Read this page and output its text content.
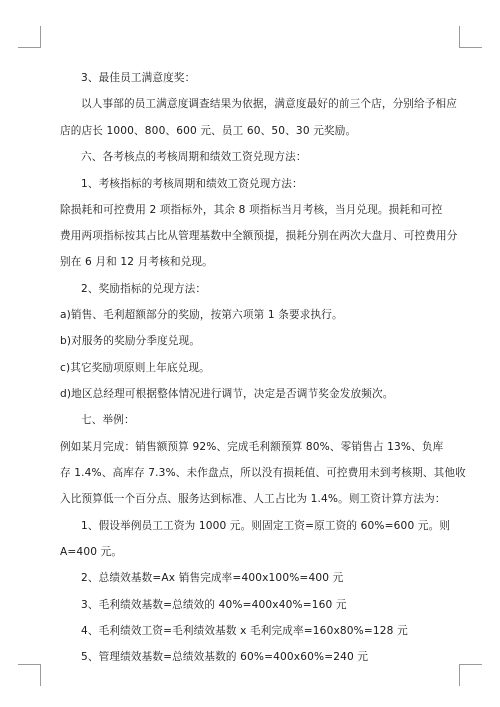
3、最佳员工满意度奖：
以人事部的员工满意度调查结果为依据，满意度最好的前三个店，分别给予相应
店的店长 1000、800、600 元、员工 60、50、30 元奖励。
六、各考核点的考核周期和绩效工资兑现方法：
1、考核指标的考核周期和绩效工资兑现方法：
除损耗和可控费用 2 项指标外，其余 8 项指标当月考核，当月兑现。损耗和可控
费用两项指标按其占比从管理基数中全额预提，损耗分别在两次大盘月、可控费用分
别在 6 月和 12 月考核和兑现。
2、奖励指标的兑现方法：
a)销售、毛利超额部分的奖励，按第六项第 1 条要求执行。
b)对服务的奖励分季度兑现。
c)其它奖励项原则上年底兑现。
d)地区总经理可根据整体情况进行调节，决定是否调节奖金发放频次。
七、举例：
例如某月完成：销售额预算 92%、完成毛利额预算 80%、零销售占 13%、负库
存 1.4%、高库存 7.3%、未作盘点，所以没有损耗值、可控费用未到考核期、其他收
入比预算低一个百分点、服务达到标准、人工占比为 1.4%。则工资计算方法为：
1、假设举例员工工资为 1000 元。则固定工资=原工资的 60%=600 元。则
A=400 元。
2、总绩效基数=Ax 销售完成率=400x100%=400 元
3、毛利绩效基数=总绩效的 40%=400x40%=160 元
4、毛利绩效工资=毛利绩效基数 x 毛利完成率=160x80%=128 元
5、管理绩效基数=总绩效基数的 60%=400x60%=240 元
